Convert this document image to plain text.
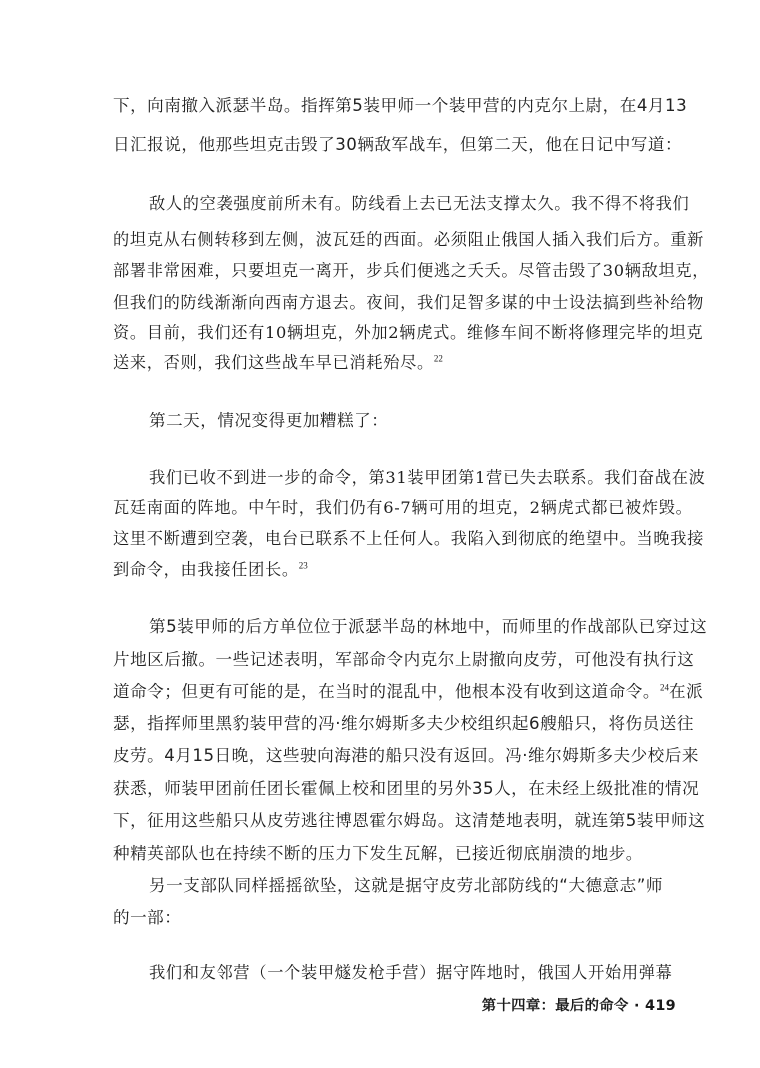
下，向南撤入派瑟半岛。指挥第5装甲师一个装甲营的内克尔上尉，在4月13

日汇报说，他那些坦克击毁了30辆敌军战车，但第二天，他在日记中写道：

敌人的空袭强度前所未有。防线看上去已无法支撑太久。我不得不将我们

的坦克从右侧转移到左侧，波瓦廷的西面。必须阻止俄国人插入我们后方。重新

部署非常困难，只要坦克一离开，步兵们便逃之夭夭。尽管击毁了30辆敌坦克，

但我们的防线渐渐向西南方退去。夜间，我们足智多谋的中士设法搞到些补给物

资。目前，我们还有10辆坦克，外加2辆虎式。维修车间不断将修理完毕的坦克

送来，否则，我们这些战车早已消耗殆尽。$^{22}$

第二天，情况变得更加糟糕了：

我们已收不到进一步的命令，第31装甲团第1营已失去联系。我们奋战在波

瓦廷南面的阵地。中午时，我们仍有6-7辆可用的坦克，2辆虎式都已被炸毁。

这里不断遭到空袭，电台已联系不上任何人。我陷入到彻底的绝望中。当晚我接

到命令，由我接任团长。$^{23}$

第5装甲师的后方单位位于派瑟半岛的林地中，而师里的作战部队已穿过这

片地区后撤。一些记述表明，军部命令内克尔上尉撤向皮劳，可他没有执行这

道命令；但更有可能的是，在当时的混乱中，他根本没有收到这道命令。$^{24}$在派

瑟，指挥师里黑豹装甲营的冯·维尔姆斯多夫少校组织起6艘船只，将伤员送往

皮劳。4月15日晚，这些驶向海港的船只没有返回。冯·维尔姆斯多夫少校后来

获悉，师装甲团前任团长霍佩上校和团里的另外35人，在未经上级批准的情况

下，征用这些船只从皮劳逃往博恩霍尔姆岛。这清楚地表明，就连第5装甲师这

种精英部队也在持续不断的压力下发生瓦解，已接近彻底崩溃的地步。

另一支部队同样摇摇欲坠，这就是据守皮劳北部防线的“大德意志”师

的一部：

我们和友邻营（一个装甲燧发枪手营）据守阵地时，俄国人开始用弹幕

第十四章：最后的命令 · 419
